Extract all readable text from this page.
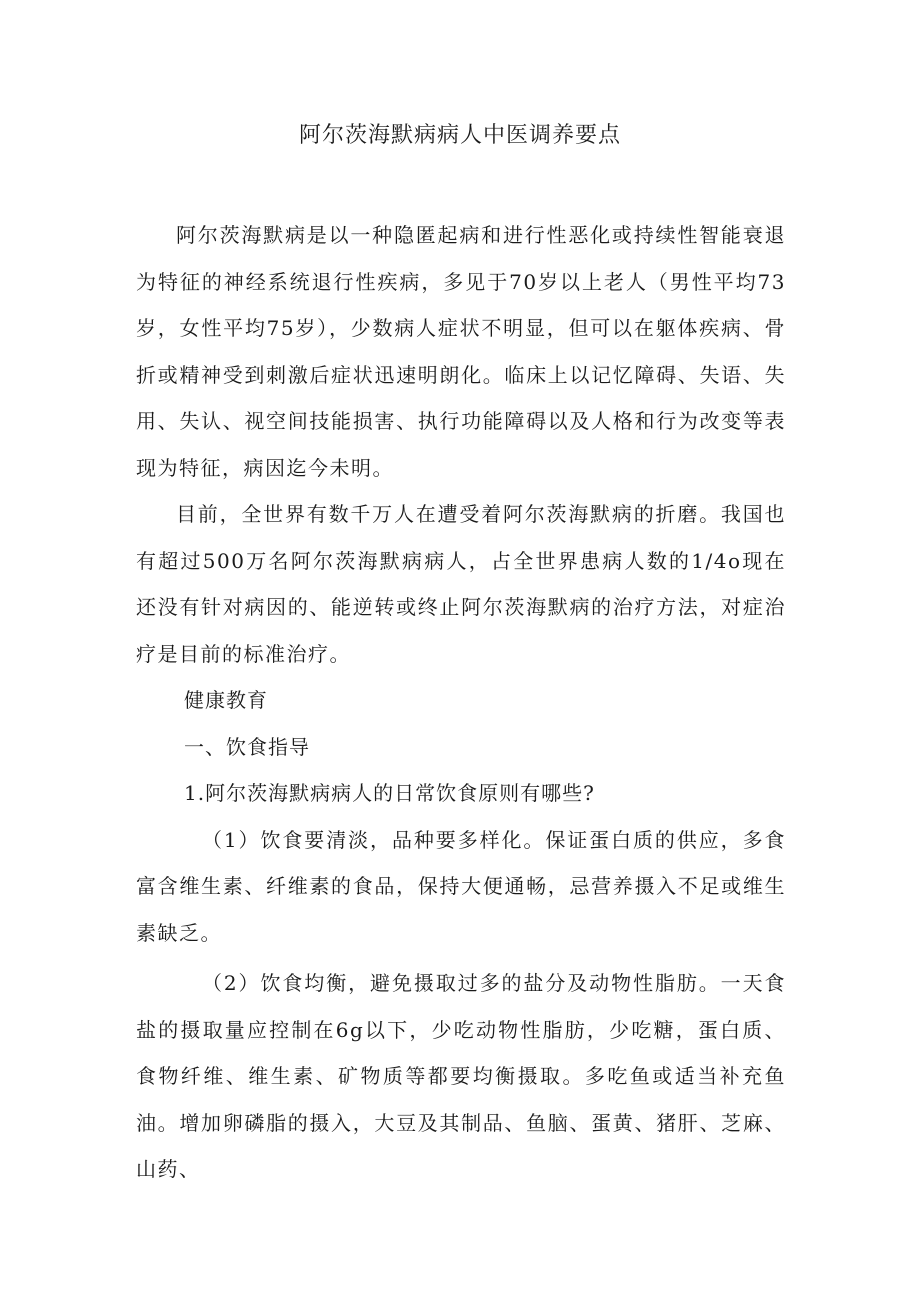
阿尔茨海默病病人中医调养要点

阿尔茨海默病是以一种隐匿起病和进行性恶化或持续性智能衰退为特征的神经系统退行性疾病，多见于70岁以上老人（男性平均73岁，女性平均75岁），少数病人症状不明显，但可以在躯体疾病、骨折或精神受到刺激后症状迅速明朗化。临床上以记忆障碍、失语、失用、失认、视空间技能损害、执行功能障碍以及人格和行为改变等表现为特征，病因迄今未明。

目前，全世界有数千万人在遭受着阿尔茨海默病的折磨。我国也有超过500万名阿尔茨海默病病人，占全世界患病人数的1/4o现在还没有针对病因的、能逆转或终止阿尔茨海默病的治疗方法，对症治疗是目前的标准治疗。

健康教育

一、饮食指导

1.阿尔茨海默病病人的日常饮食原则有哪些?

（1）饮食要清淡，品种要多样化。保证蛋白质的供应，多食富含维生素、纤维素的食品，保持大便通畅，忌营养摄入不足或维生素缺乏。

（2）饮食均衡，避免摄取过多的盐分及动物性脂肪。一天食盐的摄取量应控制在6g以下，少吃动物性脂肪，少吃糖，蛋白质、食物纤维、维生素、矿物质等都要均衡摄取。多吃鱼或适当补充鱼油。增加卵磷脂的摄入，大豆及其制品、鱼脑、蛋黄、猪肝、芝麻、山药、
